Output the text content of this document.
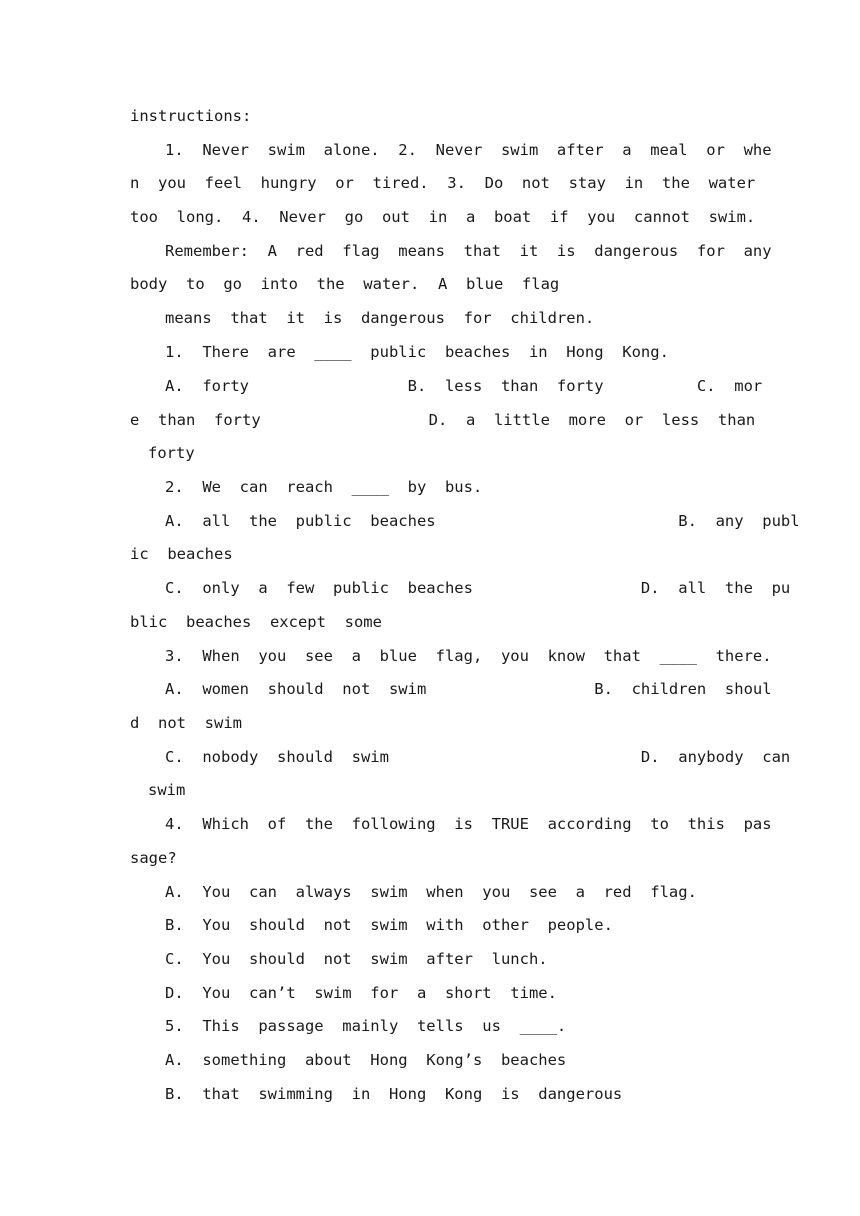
instructions:
1.  Never  swim  alone.  2.  Never  swim  after  a  meal  or  whe
n  you  feel  hungry  or  tired.  3.  Do  not  stay  in  the  water
too  long.  4.  Never  go  out  in  a  boat  if  you  cannot  swim.
Remember:  A  red  flag  means  that  it  is  dangerous  for  any
body  to  go  into  the  water.  A  blue  flag
means  that  it  is  dangerous  for  children.
1.  There  are  ____  public  beaches  in  Hong  Kong.
A.  forty                 B.  less  than  forty          C.  mor
e  than  forty                  D.  a  little  more  or  less  than
forty
2.  We  can  reach  ____  by  bus.
A.  all  the  public  beaches                          B.  any  publ
ic  beaches
C.  only  a  few  public  beaches                  D.  all  the  pu
blic  beaches  except  some
3.  When  you  see  a  blue  flag,  you  know  that  ____  there.
A.  women  should  not  swim                  B.  children  shoul
d  not  swim
C.  nobody  should  swim                           D.  anybody  can
swim
4.  Which  of  the  following  is  TRUE  according  to  this  pas
sage?
A.  You  can  always  swim  when  you  see  a  red  flag.
B.  You  should  not  swim  with  other  people.
C.  You  should  not  swim  after  lunch.
D.  You  can’t  swim  for  a  short  time.
5.  This  passage  mainly  tells  us  ____.
A.  something  about  Hong  Kong’s  beaches
B.  that  swimming  in  Hong  Kong  is  dangerous
